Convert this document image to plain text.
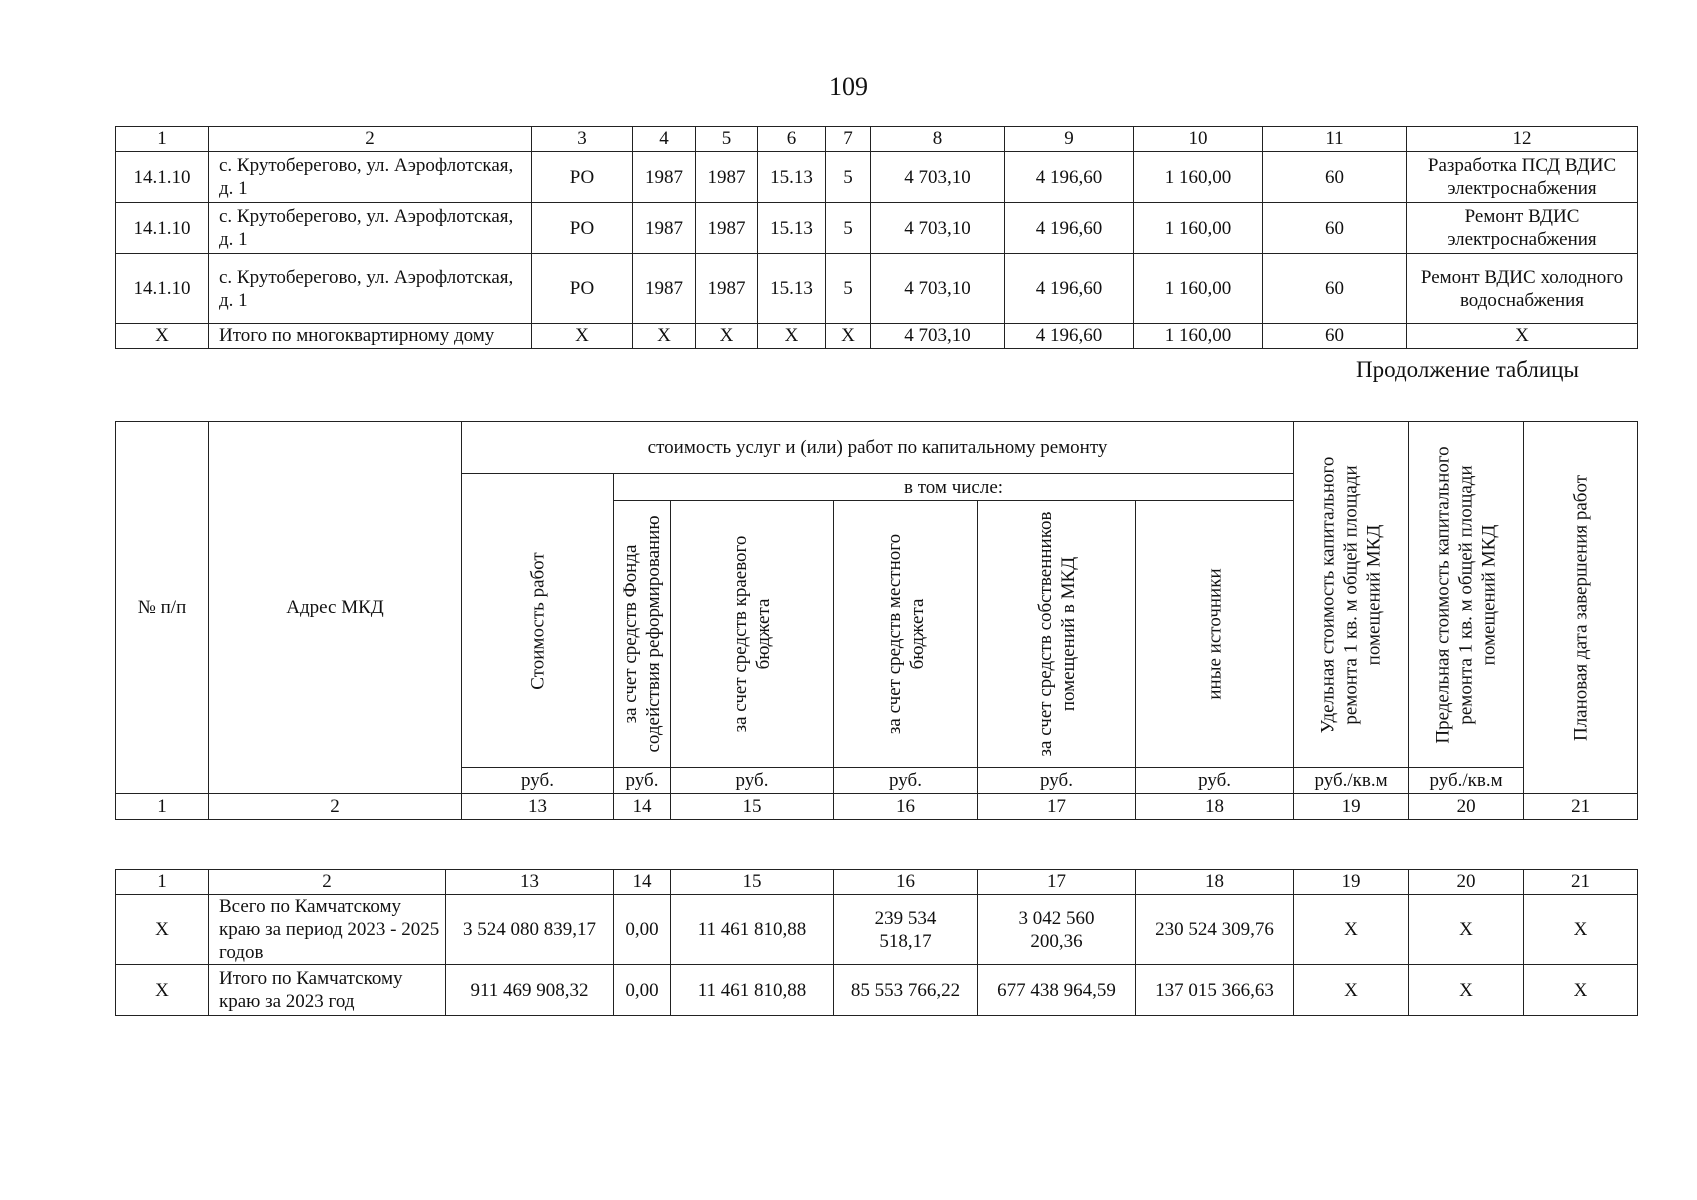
109
1	2	3	4	5	6	7	8	9	10	11	12
14.1.10	с. Крутоберегово, ул. Аэрофлотская, д. 1	РО	1987	1987	15.13	5	4 703,10	4 196,60	1 160,00	60	Разработка ПСД ВДИС электроснабжения
14.1.10	с. Крутоберегово, ул. Аэрофлотская, д. 1	РО	1987	1987	15.13	5	4 703,10	4 196,60	1 160,00	60	Ремонт ВДИС электроснабжения
14.1.10	с. Крутоберегово, ул. Аэрофлотская, д. 1	РО	1987	1987	15.13	5	4 703,10	4 196,60	1 160,00	60	Ремонт ВДИС холодного водоснабжения
X	Итого по многоквартирному дому	X	X	X	X	X	4 703,10	4 196,60	1 160,00	60	X
Продолжение таблицы
№ п/п	Адрес МКД	стоимость услуг и (или) работ по капитальному ремонту						Удельная стоимость капитального ремонта 1 кв. м общей площади помещений МКД	Предельная стоимость капитального ремонта 1 кв. м общей площади помещений МКД	Плановая дата завершения работ

		Стоимость работ	в том числе:							

			за счет средств Фонда содействия реформированию	за счет средств краевого бюджета	за счет средств местного бюджета	за счет средств собственников помещений в МКД	иные источники			

		руб.	руб.	руб.	руб.	руб.	руб.	руб./кв.м	руб./кв.м	
1	2	13	14	15	16	17	18	19	20	21
1	2	13	14	15	16	17	18	19	20	21
X	Всего по Камчатскому краю за период 2023 - 2025 годов	3 524 080 839,17	0,00	11 461 810,88	239 534 518,17	3 042 560 200,36	230 524 309,76	X	X	X
X	Итого по Камчатскому краю за 2023 год	911 469 908,32	0,00	11 461 810,88	85 553 766,22	677 438 964,59	137 015 366,63	X	X	X
